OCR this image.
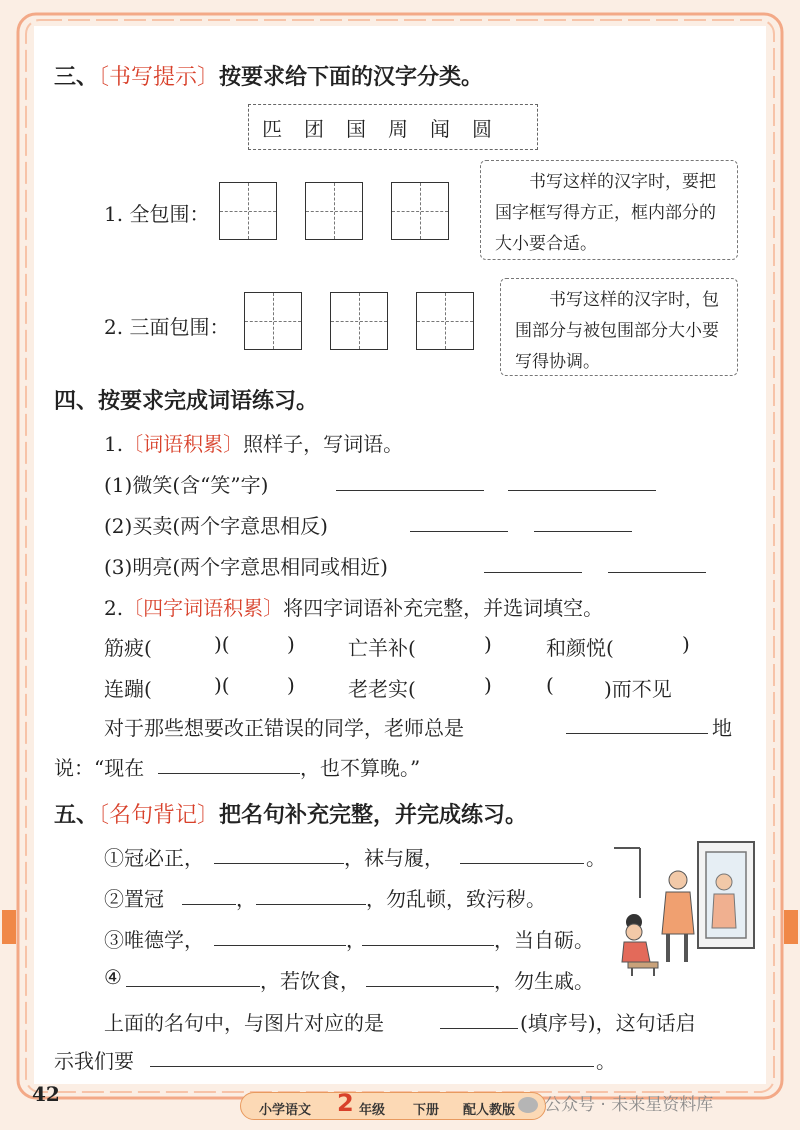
三、〔书写提示〕按要求给下面的汉字分类。
匹 团 国 周 闻 圆
1. 全包围：
书写这样的汉字时，要把国字框写得方正，框内部分的大小要合适。
2. 三面包围：
书写这样的汉字时，包围部分与被包围部分大小要写得协调。
四、按要求完成词语练习。
1.〔词语积累〕照样子，写词语。
(1)微笑(含“笑”字)
(2)买卖(两个字意思相反)
(3)明亮(两个字意思相同或相近)
2.〔四字词语积累〕将四字词语补充完整，并选词填空。
筋疲(	)(	)	亡羊补(	)	和颜悦(	)
连蹦(	)(	)	老老实(	)	(	)而不见
对于那些想要改正错误的同学，老师总是	地
说：“现在	，也不算晚。”
五、〔名句背记〕把名句补充完整，并完成练习。
①冠必正，	，袜与履，	。
②置冠	，	，勿乱顿，致污秽。
③唯德学，	，	，当自砺。
④	，若饮食，	，勿生戚。
上面的名句中，与图片对应的是	(填序号)，这句话启
示我们要	。
42
小学语文 2 年级 下册 配人教版	公众号 · 未来星资料库
